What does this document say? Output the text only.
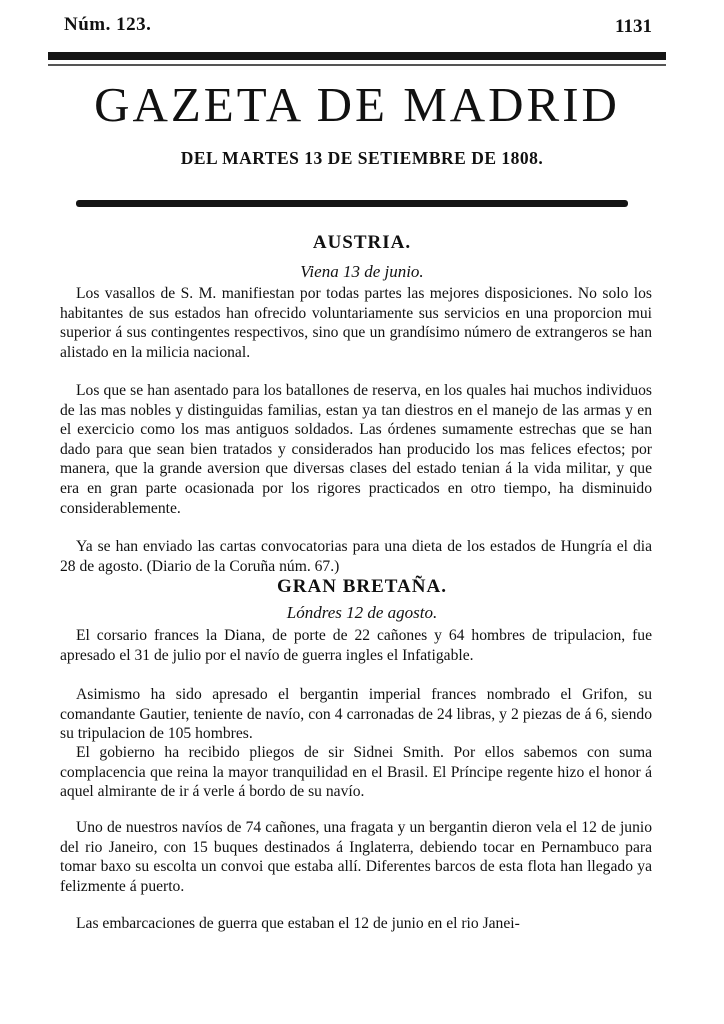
Núm. 123.	1131
GAZETA DE MADRID
DEL MARTES 13 DE SETIEMBRE DE 1808.
AUSTRIA.
Viena 13 de junio.

Los vasallos de S. M. manifiestan por todas partes las mejores disposiciones. No solo los habitantes de sus estados han ofrecido voluntariamente sus servicios en una proporcion mui superior á sus contingentes respectivos, sino que un grandísimo número de extrangeros se han alistado en la milicia nacional.

Los que se han asentado para los batallones de reserva, en los quales hai muchos individuos de las mas nobles y distinguidas familias, estan ya tan diestros en el manejo de las armas y en el exercicio como los mas antiguos soldados. Las órdenes sumamente estrechas que se han dado para que sean bien tratados y considerados han producido los mas felices efectos; por manera, que la grande aversion que diversas clases del estado tenian á la vida militar, y que era en gran parte ocasionada por los rigores practicados en otro tiempo, ha disminuido considerablemente.

Ya se han enviado las cartas convocatorias para una dieta de los estados de Hungría el dia 28 de agosto. (Diario de la Coruña núm. 67.)

GRAN BRETAÑA.
Lóndres 12 de agosto.

El corsario frances la Diana, de porte de 22 cañones y 64 hombres de tripulacion, fue apresado el 31 de julio por el navío de guerra ingles el Infatigable.

Asimismo ha sido apresado el bergantin imperial frances nombrado el Grifon, su comandante Gautier, teniente de navío, con 4 carronadas de 24 libras, y 2 piezas de á 6, siendo su tripulacion de 105 hombres.

El gobierno ha recibido pliegos de sir Sidnei Smith. Por ellos sabemos con suma complacencia que reina la mayor tranquilidad en el Brasil. El Príncipe regente hizo el honor á aquel almirante de ir á verle á bordo de su navío.

Uno de nuestros navíos de 74 cañones, una fragata y un bergantin dieron vela el 12 de junio del rio Janeiro, con 15 buques destinados á Inglaterra, debiendo tocar en Pernambuco para tomar baxo su escolta un convoi que estaba allí. Diferentes barcos de esta flota han llegado ya felizmente á puerto.

Las embarcaciones de guerra que estaban el 12 de junio en el rio Janei-
